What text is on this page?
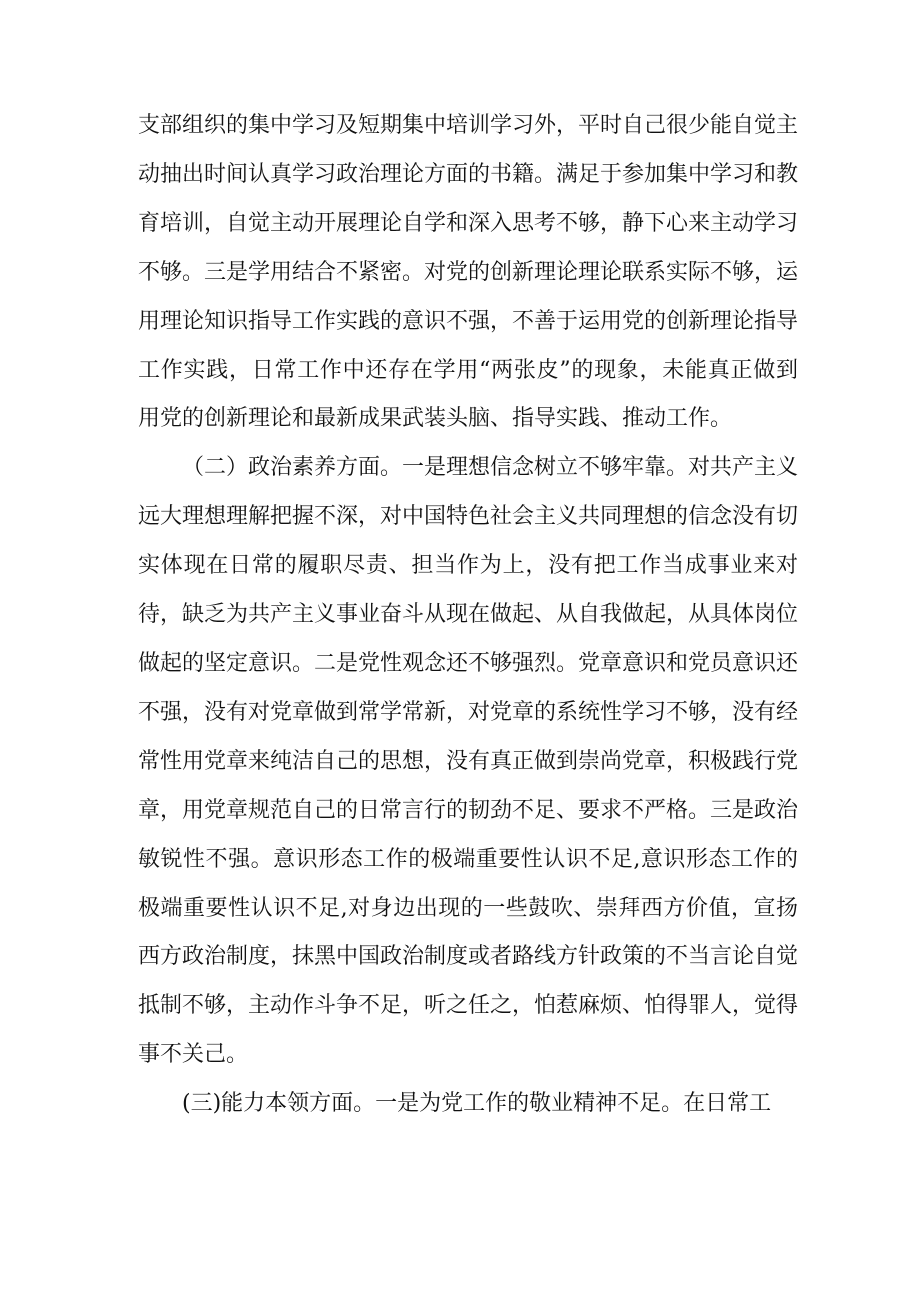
支部组织的集中学习及短期集中培训学习外，平时自己很少能自觉主动抽出时间认真学习政治理论方面的书籍。满足于参加集中学习和教育培训，自觉主动开展理论自学和深入思考不够，静下心来主动学习不够。三是学用结合不紧密。对党的创新理论理论联系实际不够，运用理论知识指导工作实践的意识不强，不善于运用党的创新理论指导工作实践，日常工作中还存在学用“两张皮”的现象，未能真正做到用党的创新理论和最新成果武装头脑、指导实践、推动工作。

（二）政治素养方面。一是理想信念树立不够牢靠。对共产主义远大理想理解把握不深，对中国特色社会主义共同理想的信念没有切实体现在日常的履职尽责、担当作为上，没有把工作当成事业来对待，缺乏为共产主义事业奋斗从现在做起、从自我做起，从具体岗位做起的坚定意识。二是党性观念还不够强烈。党章意识和党员意识还不强，没有对党章做到常学常新，对党章的系统性学习不够，没有经常性用党章来纯洁自己的思想，没有真正做到崇尚党章，积极践行党章，用党章规范自己的日常言行的韧劲不足、要求不严格。三是政治敏锐性不强。意识形态工作的极端重要性认识不足,意识形态工作的极端重要性认识不足,对身边出现的一些鼓吹、崇拜西方价值，宣扬西方政治制度，抹黑中国政治制度或者路线方针政策的不当言论自觉抵制不够，主动作斗争不足，听之任之，怕惹麻烦、怕得罪人，觉得事不关己。

(三)能力本领方面。一是为党工作的敬业精神不足。在日常工
